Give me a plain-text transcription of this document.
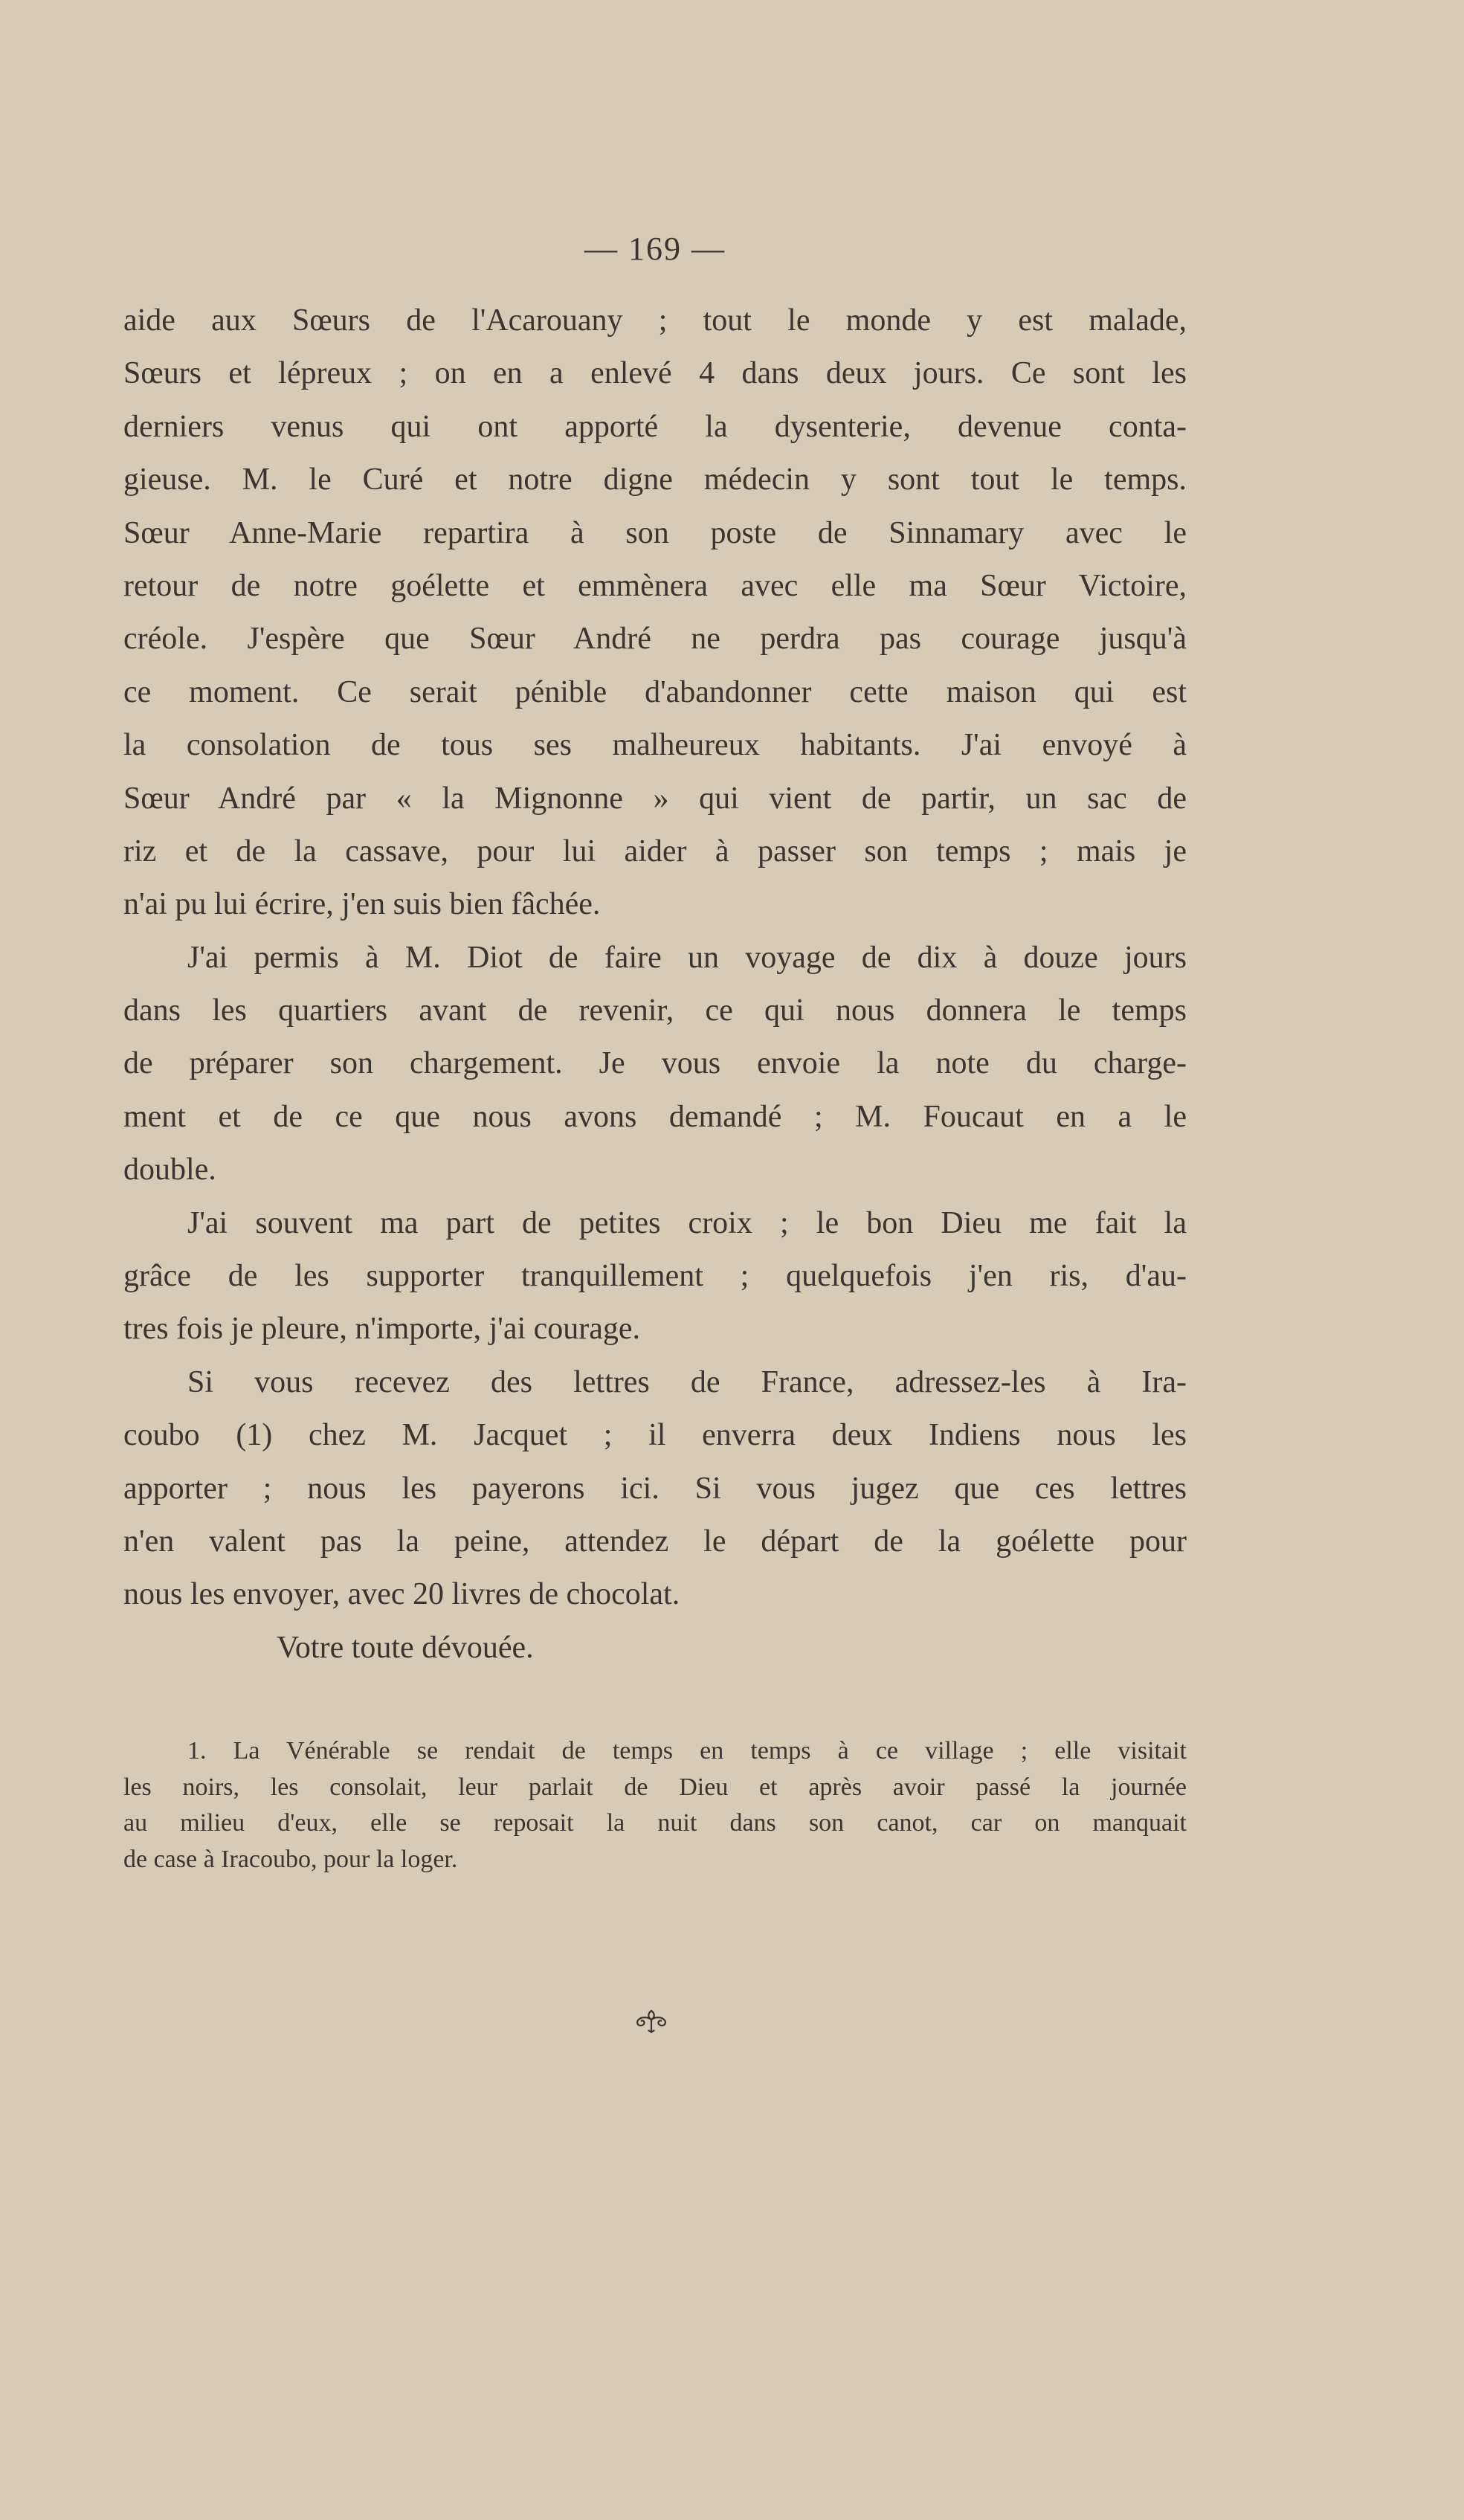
— 169 —
aide aux Sœurs de l'Acarouany ; tout le monde y est malade,
Sœurs et lépreux ; on en a enlevé 4 dans deux jours. Ce sont les
derniers venus qui ont apporté la dysenterie, devenue conta-
gieuse. M. le Curé et notre digne médecin y sont tout le temps.
Sœur Anne-Marie repartira à son poste de Sinnamary avec le
retour de notre goélette et emmènera avec elle ma Sœur Victoire,
créole. J'espère que Sœur André ne perdra pas courage jusqu'à
ce moment. Ce serait pénible d'abandonner cette maison qui est
la consolation de tous ses malheureux habitants. J'ai envoyé à
Sœur André par « la Mignonne » qui vient de partir, un sac de
riz et de la cassave, pour lui aider à passer son temps ; mais je
n'ai pu lui écrire, j'en suis bien fâchée.
J'ai permis à M. Diot de faire un voyage de dix à douze jours
dans les quartiers avant de revenir, ce qui nous donnera le temps
de préparer son chargement. Je vous envoie la note du charge-
ment et de ce que nous avons demandé ; M. Foucaut en a le
double.
J'ai souvent ma part de petites croix ; le bon Dieu me fait la
grâce de les supporter tranquillement ; quelquefois j'en ris, d'au-
tres fois je pleure, n'importe, j'ai courage.
Si vous recevez des lettres de France, adressez-les à Ira-
coubo (1) chez M. Jacquet ; il enverra deux Indiens nous les
apporter ; nous les payerons ici. Si vous jugez que ces lettres
n'en valent pas la peine, attendez le départ de la goélette pour
nous les envoyer, avec 20 livres de chocolat.
Votre toute dévouée.
1. La Vénérable se rendait de temps en temps à ce village ; elle visitait
les noirs, les consolait, leur parlait de Dieu et après avoir passé la journée
au milieu d'eux, elle se reposait la nuit dans son canot, car on manquait
de case à Iracoubo, pour la loger.
